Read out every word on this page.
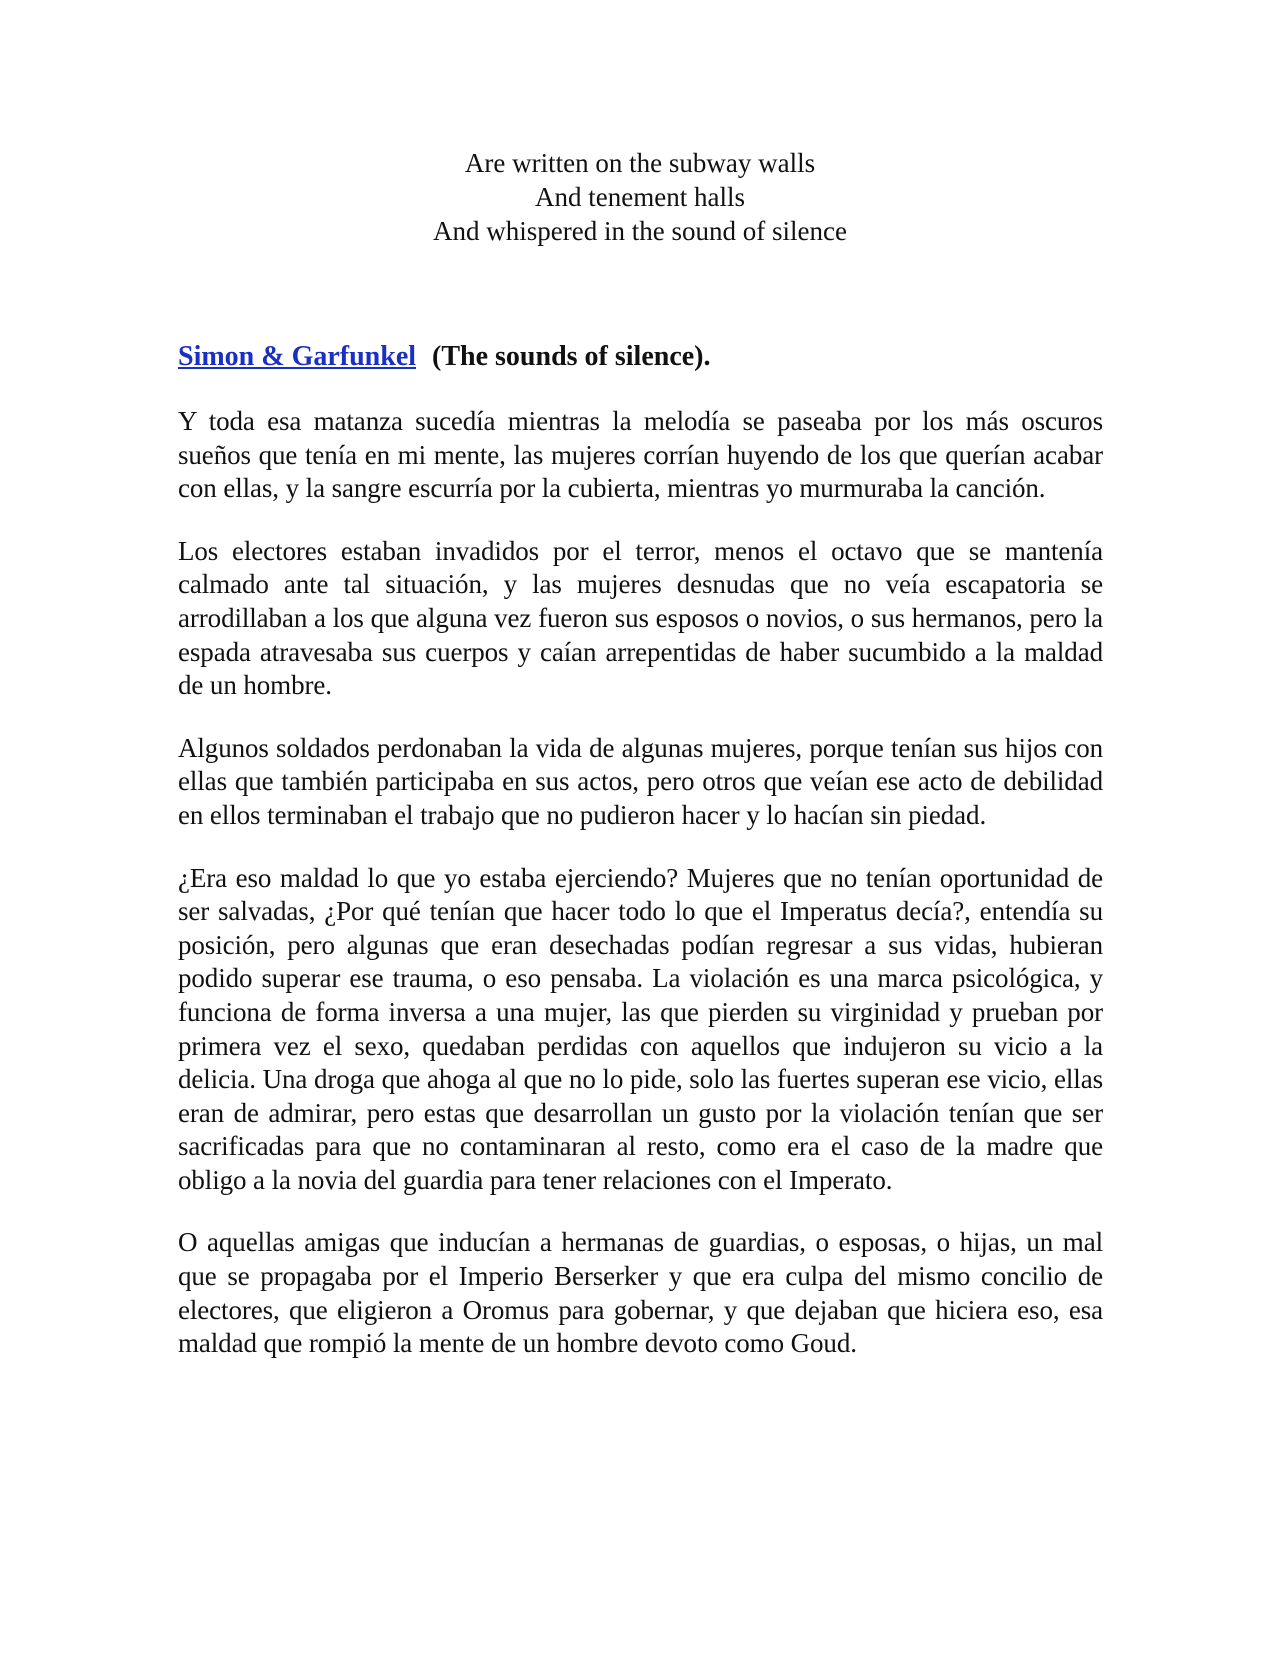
Are written on the subway walls
And tenement halls
And whispered in the sound of silence
Simon & Garfunkel (The sounds of silence).

Y toda esa matanza sucedía mientras la melodía se paseaba por los más oscuros sueños que tenía en mi mente, las mujeres corrían huyendo de los que querían acabar con ellas, y la sangre escurría por la cubierta, mientras yo murmuraba la canción.

Los electores estaban invadidos por el terror, menos el octavo que se mantenía calmado ante tal situación, y las mujeres desnudas que no veía escapatoria se arrodillaban a los que alguna vez fueron sus esposos o novios, o sus hermanos, pero la espada atravesaba sus cuerpos y caían arrepentidas de haber sucumbido a la maldad de un hombre.

Algunos soldados perdonaban la vida de algunas mujeres, porque tenían sus hijos con ellas que también participaba en sus actos, pero otros que veían ese acto de debilidad en ellos terminaban el trabajo que no pudieron hacer y lo hacían sin piedad.

¿Era eso maldad lo que yo estaba ejerciendo? Mujeres que no tenían oportunidad de ser salvadas, ¿Por qué tenían que hacer todo lo que el Imperatus decía?, entendía su posición, pero algunas que eran desechadas podían regresar a sus vidas, hubieran podido superar ese trauma, o eso pensaba. La violación es una marca psicológica, y funciona de forma inversa a una mujer, las que pierden su virginidad y prueban por primera vez el sexo, quedaban perdidas con aquellos que indujeron su vicio a la delicia. Una droga que ahoga al que no lo pide, solo las fuertes superan ese vicio, ellas eran de admirar, pero estas que desarrollan un gusto por la violación tenían que ser sacrificadas para que no contaminaran al resto, como era el caso de la madre que obligo a la novia del guardia para tener relaciones con el Imperato.

O aquellas amigas que inducían a hermanas de guardias, o esposas, o hijas, un mal que se propagaba por el Imperio Berserker y que era culpa del mismo concilio de electores, que eligieron a Oromus para gobernar, y que dejaban que hiciera eso, esa maldad que rompió la mente de un hombre devoto como Goud.
